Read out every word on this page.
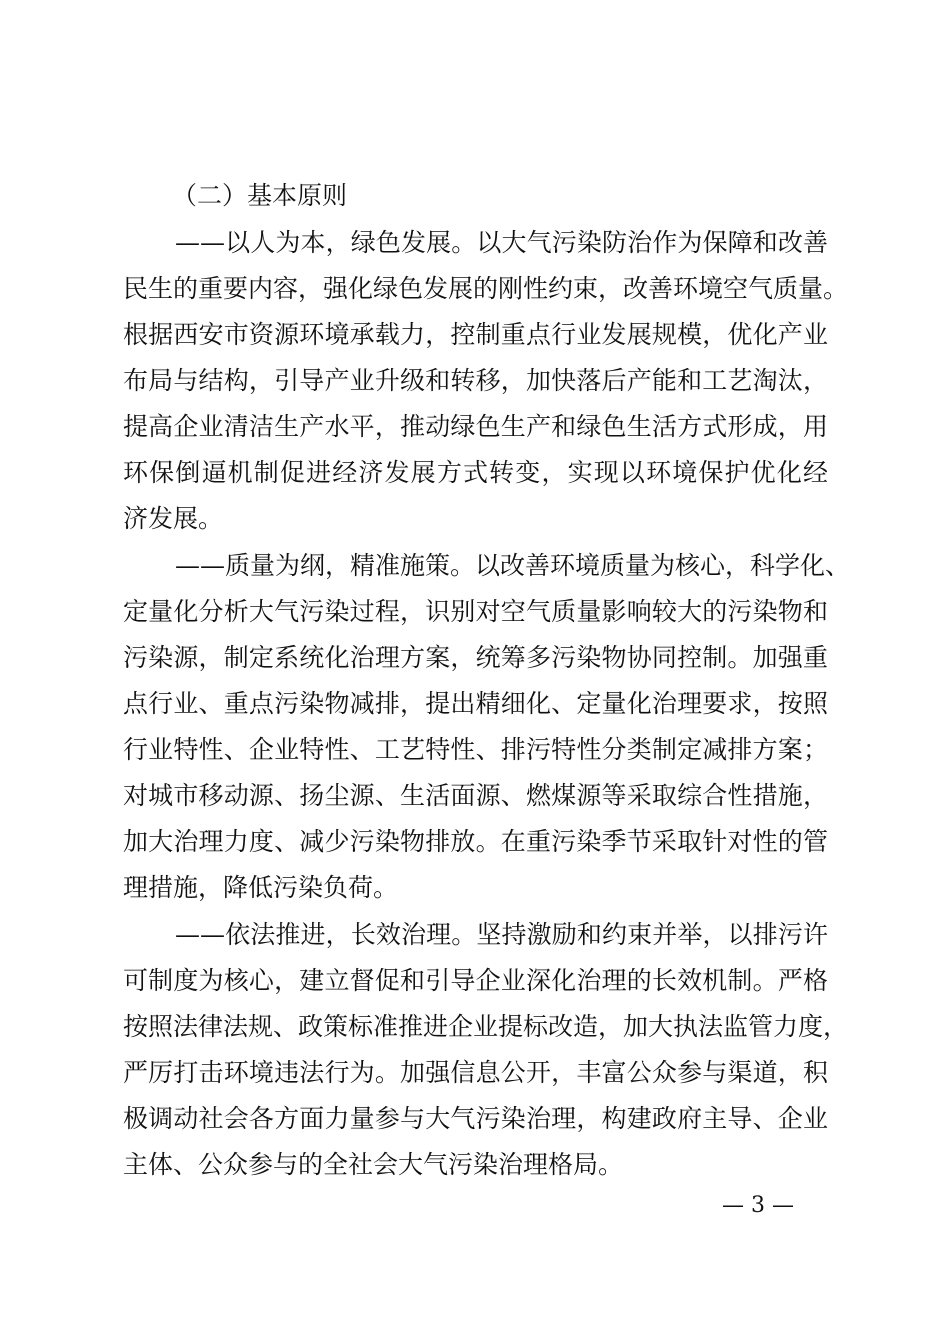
（二）基本原则
——以人为本，绿色发展。以大气污染防治作为保障和改善
民生的重要内容，强化绿色发展的刚性约束，改善环境空气质量。
根据西安市资源环境承载力，控制重点行业发展规模，优化产业
布局与结构，引导产业升级和转移，加快落后产能和工艺淘汰，
提高企业清洁生产水平，推动绿色生产和绿色生活方式形成，用
环保倒逼机制促进经济发展方式转变，实现以环境保护优化经
济发展。
——质量为纲，精准施策。以改善环境质量为核心，科学化、
定量化分析大气污染过程，识别对空气质量影响较大的污染物和
污染源，制定系统化治理方案，统筹多污染物协同控制。加强重
点行业、重点污染物减排，提出精细化、定量化治理要求，按照
行业特性、企业特性、工艺特性、排污特性分类制定减排方案；
对城市移动源、扬尘源、生活面源、燃煤源等采取综合性措施，
加大治理力度、减少污染物排放。在重污染季节采取针对性的管
理措施，降低污染负荷。
——依法推进，长效治理。坚持激励和约束并举，以排污许
可制度为核心，建立督促和引导企业深化治理的长效机制。严格
按照法律法规、政策标准推进企业提标改造，加大执法监管力度，
严厉打击环境违法行为。加强信息公开，丰富公众参与渠道，积
极调动社会各方面力量参与大气污染治理，构建政府主导、企业
主体、公众参与的全社会大气污染治理格局。
— 3 —
